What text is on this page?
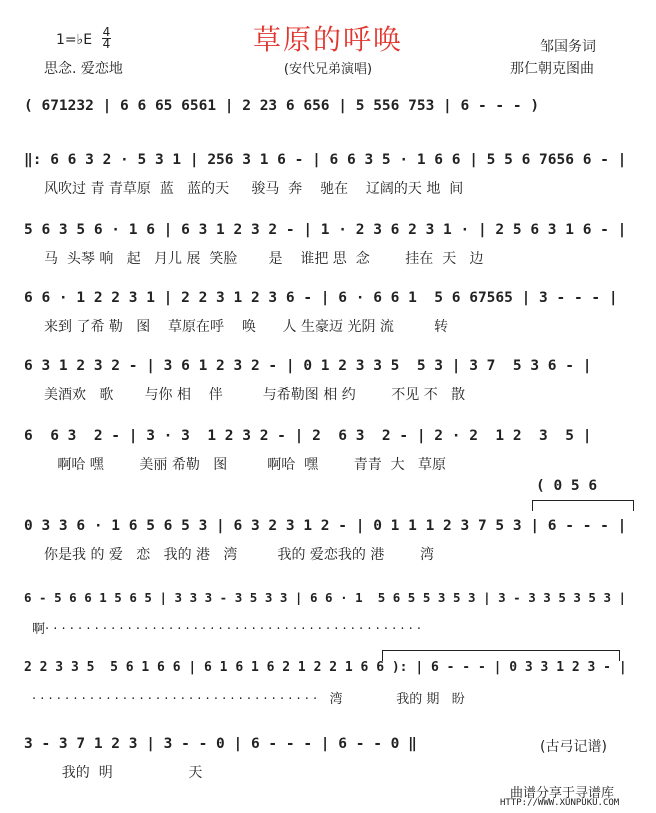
草原的呼唤
1=♭E 4
4
思念. 爱恋地	(安代兄弟演唱)
邹国务词
那仁朝克图曲
( 671232 | 6 6 65 6561 | 2 23 6 656 | 5 556 753 | 6 - - - )
‖: 6 6 3 2 · 5 3 1 | 256 3 1 6 - | 6 6 3 5 · 1 6 6 | 5 5 6 7656 6 - |
风吹过 青 青草原  蓝   蓝的天     骏马  奔    驰在    辽阔的天 地  间
5 6 3 5 6 · 1 6 | 6 3 1 2 3 2 - | 1 · 2 3 6 2 3 1 · | 2 5 6 3 1 6 - |
马  头琴 响   起   月儿 展  笑脸       是    谁把 思  念        挂在  天   边
6 6 · 1 2 2 3 1 | 2 2 3 1 2 3 6 - | 6 · 6 6 1  5 6 67565 | 3 - - - |
来到 了希 勒   图    草原在呼    唤      人 生豪迈 光阴 流         转
6 3 1 2 3 2 - | 3 6 1 2 3 2 - | 0 1 2 3 3 5  5 3 | 3 7  5 3 6 - |
美酒欢   歌       与你 相    伴         与希勒图 相 约        不见 不   散
6  6 3  2 - | 3 · 3  1 2 3 2 - | 2  6 3  2 - | 2 · 2  1 2  3  5 |
啊哈 嘿        美丽 希勒   图         啊哈  嘿        青青  大   草原
( 0 5 6
0 3 3 6 · 1 6 5 6 5 3 | 6 3 2 3 1 2 - | 0 1 1 1 2 3 7 5 3 | 6 - - - |
你是我 的 爱   恋   我的 港   湾         我的 爱恋我的 港        湾
6 - 5 6 6 1 5 6 5 | 3 3 3 - 3 5 3 3 | 6 6 · 1  5 6 5 5 3 5 3 | 3 - 3 3 5 3 5 3 |
啊· · · · · · · · · · · · · · · · · · · · · · · · · · · · · · · · · · · · · · · · · · · · · ·
2 2 3 3 5  5 6 1 6 6 | 6 1 6 1 6 2 1 2 2 1 6 6 ): | 6 - - - | 0 3 3 1 2 3 - |
· · · · · · · · · · · · · · · · · · · · · · · · · · · · · · · · · · ·   湾             我的 期   盼
3 - 3 7 1 2 3 | 3 - - 0 | 6 - - - | 6 - - 0 ‖
我的  明                 天
(古弓记谱)
曲谱分享于寻谱库
HTTP://WWW.XUNPUKU.COM
